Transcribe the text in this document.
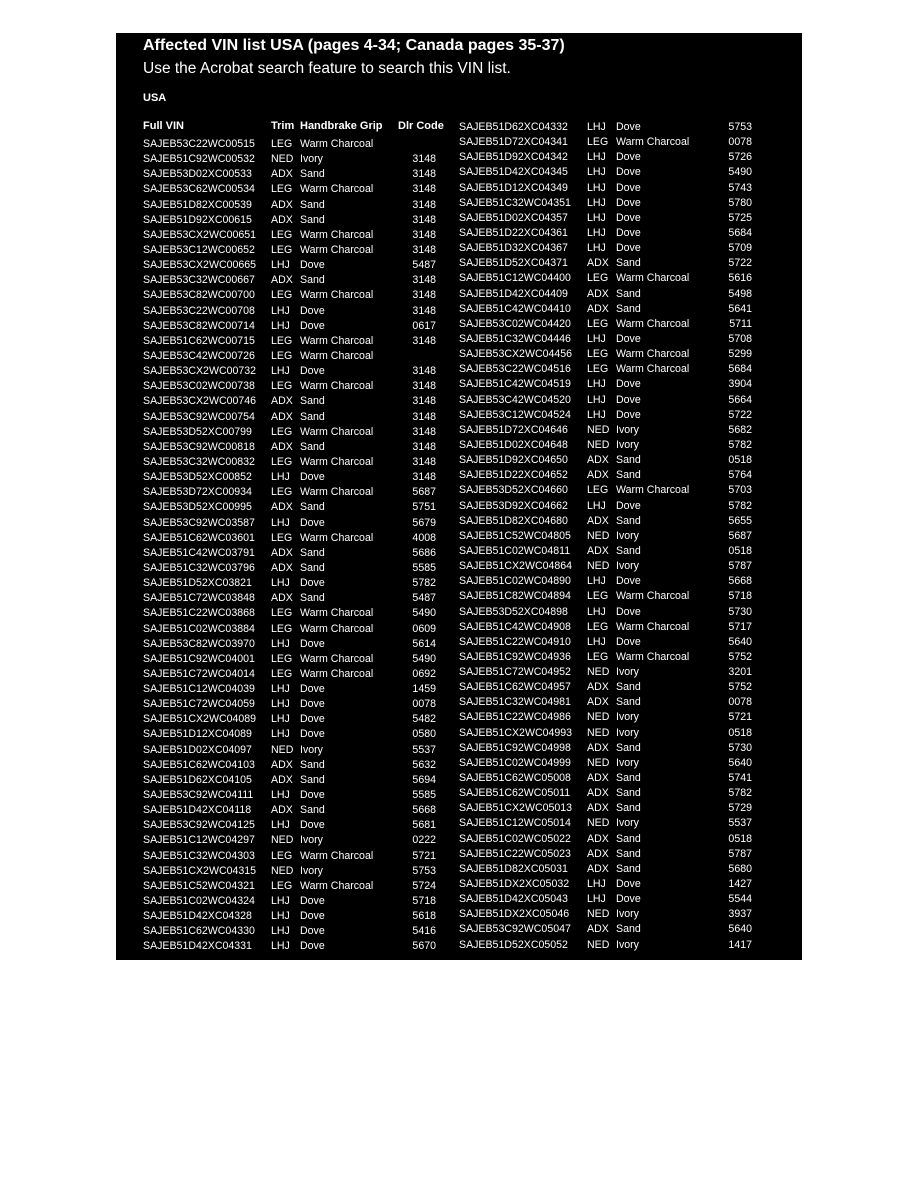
Affected VIN list USA (pages 4-34; Canada pages 35-37)
Use the Acrobat search feature to search this VIN list.
USA
Full VIN	Trim Handbrake Grip Dlr Code
SAJEB53C22WC00515 LEG Warm Charcoal
SAJEB51C92WC00532 NED Ivory	3148
SAJEB53D02XC00533 ADX Sand	3148
SAJEB53C62WC00534 LEG Warm Charcoal	3148
SAJEB51D82XC00539 ADX Sand	3148
SAJEB51D92XC00615 ADX Sand	3148
SAJEB53CX2WC00651 LEG Warm Charcoal	3148
SAJEB53C12WC00652 LEG Warm Charcoal	3148
SAJEB53CX2WC00665 LHJ Dove	5487
SAJEB53C32WC00667 ADX Sand	3148
SAJEB53C82WC00700 LEG Warm Charcoal	3148
SAJEB53C22WC00708 LHJ Dove	3148
SAJEB53C82WC00714 LHJ Dove	0617
SAJEB51C62WC00715 LEG Warm Charcoal	3148
SAJEB53C42WC00726 LEG Warm Charcoal
SAJEB53CX2WC00732 LHJ Dove	3148
SAJEB53C02WC00738 LEG Warm Charcoal	3148
SAJEB53CX2WC00746 ADX Sand	3148
SAJEB53C92WC00754 ADX Sand	3148
SAJEB53D52XC00799 LEG Warm Charcoal	3148
SAJEB53C92WC00818 ADX Sand	3148
SAJEB53C32WC00832 LEG Warm Charcoal	3148
SAJEB53D52XC00852 LHJ Dove	3148
SAJEB53D72XC00934 LEG Warm Charcoal	5687
SAJEB53D52XC00995 ADX Sand	5751
SAJEB53C92WC03587 LHJ Dove	5679
SAJEB51C62WC03601 LEG Warm Charcoal	4008
SAJEB51C42WC03791 ADX Sand	5686
SAJEB51C32WC03796 ADX Sand	5585
SAJEB51D52XC03821 LHJ Dove	5782
SAJEB51C72WC03848 ADX Sand	5487
SAJEB51C22WC03868 LEG Warm Charcoal	5490
SAJEB51C02WC03884 LEG Warm Charcoal	0609
SAJEB53C82WC03970 LHJ Dove	5614
SAJEB51C92WC04001 LEG Warm Charcoal	5490
SAJEB51C72WC04014 LEG Warm Charcoal	0692
SAJEB51C12WC04039 LHJ Dove	1459
SAJEB51C72WC04059 LHJ Dove	0078
SAJEB51CX2WC04089 LHJ Dove	5482
SAJEB51D12XC04089 LHJ Dove	0580
SAJEB51D02XC04097 NED Ivory	5537
SAJEB51C62WC04103 ADX Sand	5632
SAJEB51D62XC04105 ADX Sand	5694
SAJEB53C92WC04111 LHJ Dove	5585
SAJEB51D42XC04118 ADX Sand	5668
SAJEB53C92WC04125 LHJ Dove	5681
SAJEB51C12WC04297 NED Ivory	0222
SAJEB51C32WC04303 LEG Warm Charcoal	5721
SAJEB51CX2WC04315 NED Ivory	5753
SAJEB51C52WC04321 LEG Warm Charcoal	5724
SAJEB51C02WC04324 LHJ Dove	5718
SAJEB51D42XC04328 LHJ Dove	5618
SAJEB51C62WC04330 LHJ Dove	5416
SAJEB51D42XC04331 LHJ Dove	5670
SAJEB51D62XC04332 LHJ Dove	5753
SAJEB51D72XC04341 LEG Warm Charcoal	0078
SAJEB51D92XC04342 LHJ Dove	5726
SAJEB51D42XC04345 LHJ Dove	5490
SAJEB51D12XC04349 LHJ Dove	5743
SAJEB51C32WC04351 LHJ Dove	5780
SAJEB51D02XC04357 LHJ Dove	5725
SAJEB51D22XC04361 LHJ Dove	5684
SAJEB51D32XC04367 LHJ Dove	5709
SAJEB51D52XC04371 ADX Sand	5722
SAJEB51C12WC04400 LEG Warm Charcoal	5616
SAJEB51D42XC04409 ADX Sand	5498
SAJEB51C42WC04410 ADX Sand	5641
SAJEB53C02WC04420 LEG Warm Charcoal	5711
SAJEB51C32WC04446 LHJ Dove	5708
SAJEB53CX2WC04456 LEG Warm Charcoal	5299
SAJEB53C22WC04516 LEG Warm Charcoal	5684
SAJEB51C42WC04519 LHJ Dove	3904
SAJEB53C42WC04520 LHJ Dove	5664
SAJEB53C12WC04524 LHJ Dove	5722
SAJEB51D72XC04646 NED Ivory	5682
SAJEB51D02XC04648 NED Ivory	5782
SAJEB51D92XC04650 ADX Sand	0518
SAJEB51D22XC04652 ADX Sand	5764
SAJEB53D52XC04660 LEG Warm Charcoal	5703
SAJEB53D92XC04662 LHJ Dove	5782
SAJEB51D82XC04680 ADX Sand	5655
SAJEB51C52WC04805 NED Ivory	5687
SAJEB51C02WC04811 ADX Sand	0518
SAJEB51CX2WC04864 NED Ivory	5787
SAJEB51C02WC04890 LHJ Dove	5668
SAJEB51C82WC04894 LEG Warm Charcoal	5718
SAJEB53D52XC04898 LHJ Dove	5730
SAJEB51C42WC04908 LEG Warm Charcoal	5717
SAJEB51C22WC04910 LHJ Dove	5640
SAJEB51C92WC04936 LEG Warm Charcoal	5752
SAJEB51C72WC04952 NED Ivory	3201
SAJEB51C62WC04957 ADX Sand	5752
SAJEB51C32WC04981 ADX Sand	0078
SAJEB51C22WC04986 NED Ivory	5721
SAJEB51CX2WC04993 NED Ivory	0518
SAJEB51C92WC04998 ADX Sand	5730
SAJEB51C02WC04999 NED Ivory	5640
SAJEB51C62WC05008 ADX Sand	5741
SAJEB51C62WC05011 ADX Sand	5782
SAJEB51CX2WC05013 ADX Sand	5729
SAJEB51C12WC05014 NED Ivory	5537
SAJEB51C02WC05022 ADX Sand	0518
SAJEB51C22WC05023 ADX Sand	5787
SAJEB51D82XC05031 ADX Sand	5680
SAJEB51DX2XC05032 LHJ Dove	1427
SAJEB51D42XC05043 LHJ Dove	5544
SAJEB51DX2XC05046 NED Ivory	3937
SAJEB53C92WC05047 ADX Sand	5640
SAJEB51D52XC05052 NED Ivory	1417
